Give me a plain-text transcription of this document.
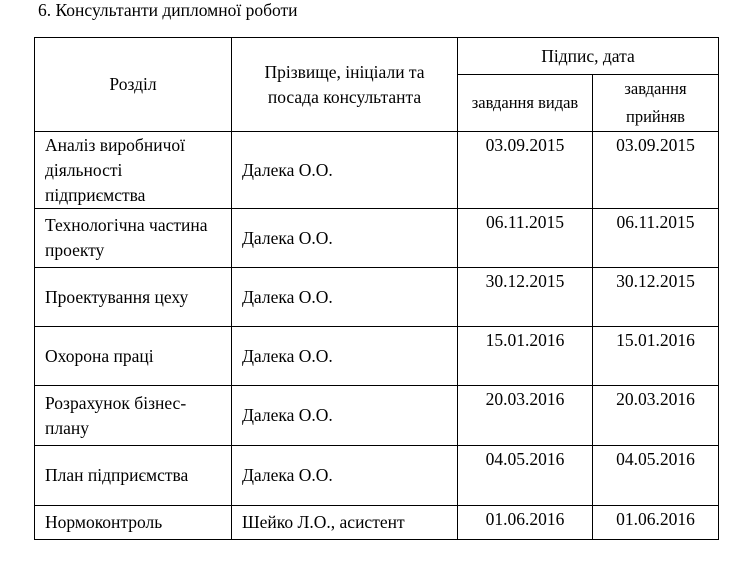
6. Консультанти дипломної роботи
Розділ	Прізвище, ініціали та посада консультанта	Підпис, дата	
		завдання видав	завдання прийняв
Аналіз виробничої діяльності підприємства	Далека О.О.	03.09.2015	03.09.2015
Технологічна частина проекту	Далека О.О.	06.11.2015	06.11.2015
Проектування цеху	Далека О.О.	30.12.2015	30.12.2015
Охорона праці	Далека О.О.	15.01.2016	15.01.2016
Розрахунок бізнес-плану	Далека О.О.	20.03.2016	20.03.2016
План підприємства	Далека О.О.	04.05.2016	04.05.2016
Нормоконтроль	Шейко Л.О., асистент	01.06.2016	01.06.2016
